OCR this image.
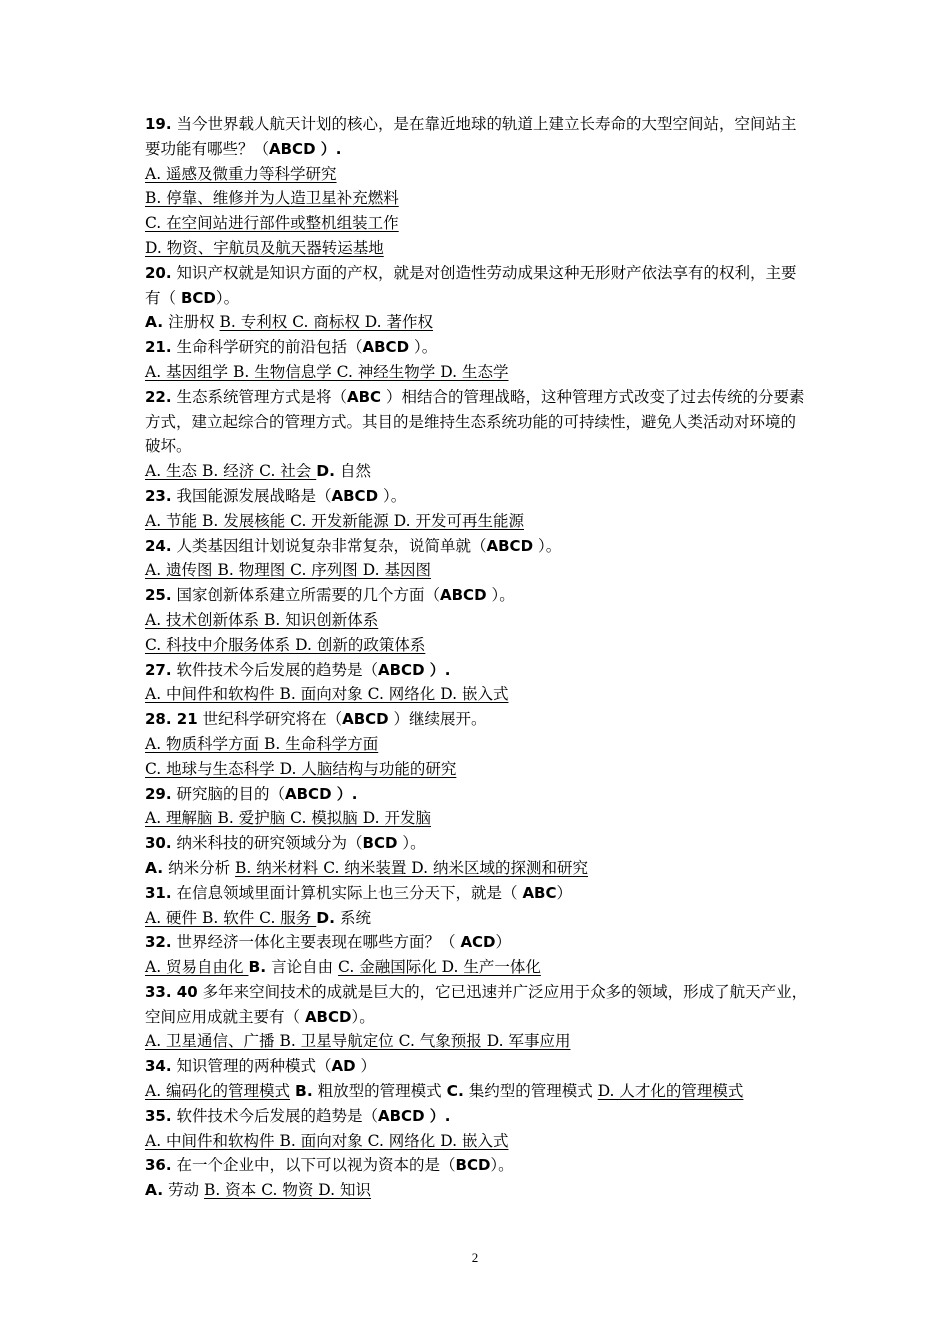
19. 当今世界载人航天计划的核心，是在靠近地球的轨道上建立长寿命的大型空间站，空间站主要功能有哪些？（ABCD ）.

A. 遥感及微重力等科学研究

B. 停靠、维修并为人造卫星补充燃料

C. 在空间站进行部件或整机组装工作

D. 物资、宇航员及航天器转运基地

20. 知识产权就是知识方面的产权，就是对创造性劳动成果这种无形财产依法享有的权利，主要有（ BCD）。

A. 注册权 B. 专利权 C. 商标权 D. 著作权

21. 生命科学研究的前沿包括（ABCD ）。

A. 基因组学 B. 生物信息学 C. 神经生物学 D. 生态学

22. 生态系统管理方式是将（ABC ）相结合的管理战略，这种管理方式改变了过去传统的分要素方式，建立起综合的管理方式。其目的是维持生态系统功能的可持续性，避免人类活动对环境的破坏。

A. 生态 B. 经济 C. 社会 D. 自然

23. 我国能源发展战略是（ABCD ）。

A. 节能 B. 发展核能 C. 开发新能源 D. 开发可再生能源

24. 人类基因组计划说复杂非常复杂，说简单就（ABCD ）。

A. 遗传图 B. 物理图 C. 序列图 D. 基因图

25. 国家创新体系建立所需要的几个方面（ABCD ）。

A. 技术创新体系 B. 知识创新体系

C. 科技中介服务体系 D. 创新的政策体系

27. 软件技术今后发展的趋势是（ABCD ）.

A. 中间件和软构件 B. 面向对象 C. 网络化 D. 嵌入式

28. 21 世纪科学研究将在（ABCD ）继续展开。

A. 物质科学方面 B. 生命科学方面

C. 地球与生态科学 D. 人脑结构与功能的研究

29. 研究脑的目的（ABCD ）.

A. 理解脑 B. 爱护脑 C. 模拟脑 D. 开发脑

30. 纳米科技的研究领域分为（BCD ）。

A. 纳米分析 B. 纳米材料 C. 纳米装置 D. 纳米区域的探测和研究

31. 在信息领域里面计算机实际上也三分天下，就是（ ABC）

A. 硬件 B. 软件 C. 服务 D. 系统

32. 世界经济一体化主要表现在哪些方面？（ ACD）

A. 贸易自由化 B. 言论自由 C. 金融国际化 D. 生产一体化

33. 40 多年来空间技术的成就是巨大的，它已迅速并广泛应用于众多的领域，形成了航天产业，空间应用成就主要有（ ABCD）。

A. 卫星通信、广播 B. 卫星导航定位 C. 气象预报 D. 军事应用

34. 知识管理的两种模式（AD ）

A. 编码化的管理模式 B. 粗放型的管理模式 C. 集约型的管理模式 D. 人才化的管理模式

35. 软件技术今后发展的趋势是（ABCD ）.

A. 中间件和软构件 B. 面向对象 C. 网络化 D. 嵌入式

36. 在一个企业中，以下可以视为资本的是（BCD）。

A. 劳动 B. 资本 C. 物资 D. 知识

2
